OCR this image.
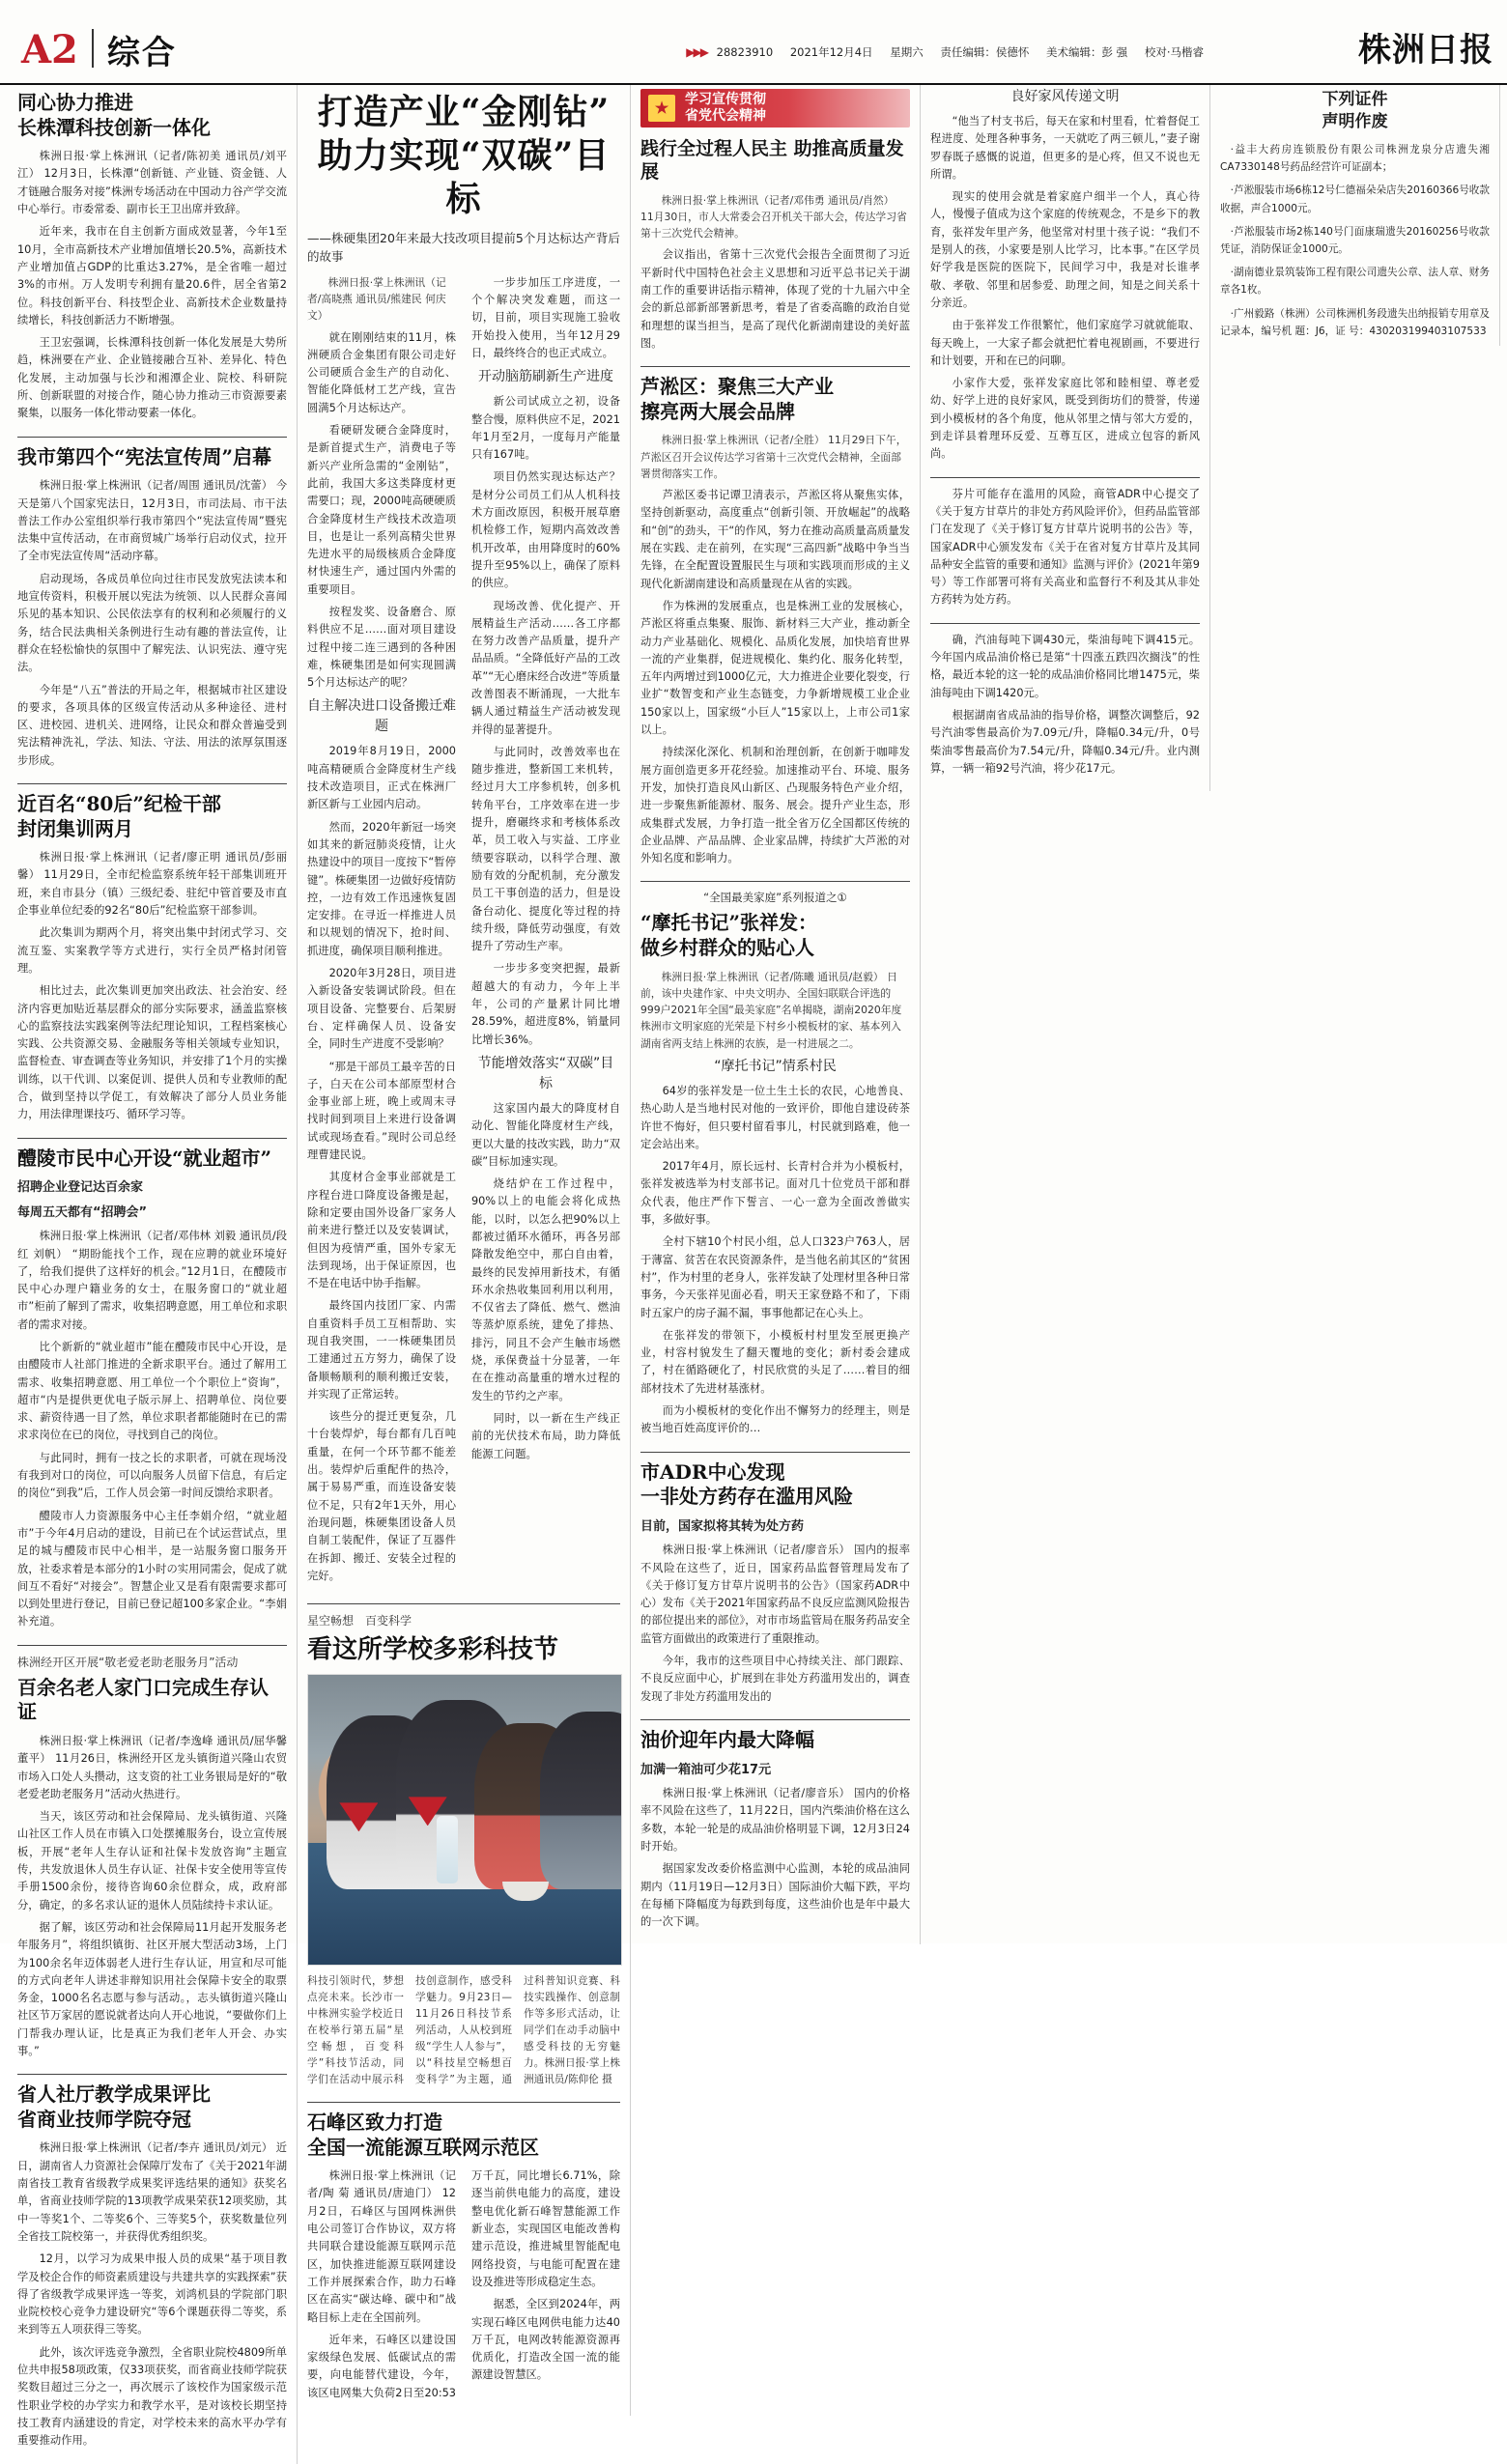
A2 综合	▶▶▶ 28823910 2021年12月4日 星期六 责任编辑：侯德怀 美术编辑：彭 强 校对·马楷睿	株洲日报
同心协力推进
长株潭科技创新一体化

株洲日报·掌上株洲讯（记者/陈初美 通讯员/刘平江） 12月3日，长株潭“创新链、产业链、资金链、人才链融合服务对接”株洲专场活动在中国动力谷产学交流中心举行。市委常委、副市长王卫出席并致辞。

近年来，我市在自主创新方面成效显著，今年1至10月，全市高新技术产业增加值增长20.5%，高新技术产业增加值占GDP的比重达3.27%，是全省唯一超过3%的市州。万人发明专利拥有量20.6件，居全省第2位。科技创新平台、科技型企业、高新技术企业数量持续增长，科技创新活力不断增强。

王卫宏强调，长株潭科技创新一体化发展是大势所趋，株洲要在产业、企业链接融合互补、差异化、特色化发展，主动加强与长沙和湘潭企业、院校、科研院所、创新联盟的对接合作，随心协力推动三市资源要素聚集，以服务一体化带动要素一体化。

我市第四个“宪法宣传周”启幕

株洲日报·掌上株洲讯（记者/周围 通讯员/沈蕾） 今天是第八个国家宪法日，12月3日，市司法局、市干法普法工作办公室组织举行我市第四个“宪法宣传周”暨宪法集中宣传活动，在市商贸城广场举行启动仪式，拉开了全市宪法宣传周“活动序幕。

启动现场，各成员单位向过往市民发放宪法读本和地宣传资料，积极开展以宪法为统领、以人民群众喜闻乐见的基本知识、公民依法享有的权利和必须履行的义务，结合民法典相关条例进行生动有趣的普法宣传，让群众在轻松愉快的氛围中了解宪法、认识宪法、遵守宪法。

今年是“八五”普法的开局之年，根据城市社区建设的要求，各项具体的区级宣传活动从多种途径、进村区、进校园、进机关、进网络，让民众和群众普遍受到宪法精神洗礼，学法、知法、守法、用法的浓厚氛围逐步形成。

近百名“80后”纪检干部
封闭集训两月

株洲日报·掌上株洲讯（记者/廖正明 通讯员/彭丽馨） 11月29日，全市纪检监察系统年轻干部集训班开班，来自市县分（镇）三级纪委、驻纪中管首要及市直企事业单位纪委的92名“80后”纪检监察干部参训。

此次集训为期两个月，将突出集中封闭式学习、交流互鉴、实案教学等方式进行，实行全员严格封闭管理。

相比过去，此次集训更加突出政法、社会治安、经济内容更加贴近基层群众的部分实际要求，涵盖监察核心的监察技法实践案例等法纪理论知识，工程档案核心实践、公共资源交易、金融服务等相关领域专业知识，监督检查、审查调查等业务知识，并安排了1个月的实操训练，以干代训、以案促训、提供人员和专业教师的配合，做到坚持以学促工，有效解决了部分人员业务能力，用法律理课技巧、循环学习等。

醴陵市民中心开设“就业超市”
招聘企业登记达百余家
每周五天都有“招聘会”

株洲日报·掌上株洲讯（记者/邓伟林 刘毅 通讯员/段红 刘帆） “期盼能找个工作，现在应聘的就业环境好了，给我们提供了这样好的机会。”12月1日，在醴陵市民中心办理户籍业务的女士，在服务窗口的“就业超市”柜前了解到了需求，收集招聘意愿，用工单位和求职者的需求对接。

比个新新的“就业超市”能在醴陵市民中心开设，是由醴陵市人社部门推进的全新求职平台。通过了解用工需求、收集招聘意愿、用工单位一个个职位上“资询”，超市“内是提供更优电子版示屏上、招聘单位、岗位要求、薪资待遇一目了然，单位求职者都能随时在已的需求求岗位在已的岗位，寻找到自己的岗位。

与此同时，拥有一技之长的求职者，可就在现场没有我到对口的岗位，可以向服务人员留下信息，有后定的岗位“到我”后，工作人员会第一时间反馈给求职者。

醴陵市人力资源服务中心主任李娟介绍，“就业超市”于今年4月启动的建设，目前已在个试运营试点，里足的城与醴陵市民中心相半，是一站服务窗口服务开放，社委求着是本部分的1小时の实用同需会，促成了就间互不看好“对接会”。智慧企业又是看有限需要求都可以到处里进行登记，目前已登记超100多家企业。“李娟补充道。

株洲经开区开展“敬老爱老助老服务月”活动
百余名老人家门口完成生存认证

株洲日报·掌上株洲讯（记者/李逸峰 通讯员/屈华馨 董平） 11月26日，株洲经开区龙头镇街道兴隆山农贸市场入口处人头攒动，这支资的社工业务银局是好的“敬老爱老助老服务月”活动火热进行。

当天，该区劳动和社会保障局、龙头镇街道、兴隆山社区工作人员在市镇入口处摆摊服务台，设立宣传展板，开展“老年人生存认证和社保卡发放咨询”主题宣传，共发放退休人员生存认证、社保卡安全使用等宣传手册1500余份，接待咨询60余位群众，成，政府部分，确定，的多名求认证的退休人员陆续持卡求认证。

据了解，该区劳动和社会保障局11月起开发服务老年服务月”，将组织镇街、社区开展大型活动3场，上门为100余名年迈体弱老人进行生存认证，用宣和尽可能的方式向老年人讲述非辩知识用社会保障卡安全的取票务金，1000名名志愿与参与活动。，志头镇街道兴隆山社区节万家居的愿说就者达向人开心地说，“要做你们上门帮我办理认证，比是真正为我们老年人开会、办实事。”

省人社厅教学成果评比
省商业技师学院夺冠

株洲日报·掌上株洲讯（记者/李卉 通讯员/刘元） 近日，湖南省人力资源社会保障厅发布了《关于2021年湖南省技工教育省级教学成果奖评选结果的通知》获奖名单，省商业技师学院的13项教学成果荣获12项奖励，其中一等奖1个、二等奖6个、三等奖5个，获奖数量位列全省技工院校第一，并获得优秀组织奖。

12月，以学习为成果申报人员的成果“基于项目教学及校企合作的师资素质建设与共建共享的实践探索”获得了省级教学成果评选一等奖，刘鸿机县的学院部门职业院校校心竞争力建设研究“等6个课题获得二等奖，系来到等五人项获得三等奖。

此外，该次评选竞争激烈，全省职业院校4809所单位共申报58项政策，仅33项获奖，而省商业技师学院获奖数目超过三分之一，再次展示了该校作为国家级示范性职业学校的办学实力和教学水平，是对该校长期坚持技工教育内涵建设的肯定，对学校未来的高水平办学有重要推动作用。

打造产业“金刚钻”
助力实现“双碳”目标
——株硬集团20年来最大技改项目提前5个月达标达产背后的故事

株洲日报·掌上株洲讯（记者/高晓燕 通讯员/熊建民 何庆文）

就在刚刚结束的11月，株洲硬质合金集团有限公司走好公司硬质合金生产的自动化、智能化降低材工艺产线，宣告圆满5个月达标达产。

看硬研发硬合金降度时，是新首提式生产，消费电子等新兴产业所急需的“金刚钻”，此前，我国大多这类降度材更需要口；现，2000吨高硬硬质合金降度材生产线技术改造项目，也是让一系列高精尖世界先进水平的局级核质合金降度材快速生产，通过国内外需的重要项目。

按程发奖、设备磨合、原料供应不足……面对项目建设过程中接二连三遇到的各种困难，株硬集团是如何实现圆满5个月达标达产的呢？

自主解决进口设备搬迁难题

2019年8月19日，2000吨高精硬质合金降度材生产线技术改造项目，正式在株洲厂新区新与工业园内启动。

然而，2020年新冠一场突如其来的新冠肺炎疫情，让火热建设中的项目一度按下“暂停键”。株硬集团一边做好疫情防控，一边有效工作迅速恢复固定安排。在寻近一样推进人员和以规划的情况下，抢时间、抓进度，确保项目顺利推进。

2020年3月28日，项目进入新设备安装调试阶段。但在项目设备、完整要台、后架厨台、定样确保人员、设备安全，同时生产进度不受影响？

“那是干部员工最辛苦的日子，白天在公司本部原型材合金事业部上班，晚上或周末寻找时间到项目上来进行设备调试或现场查看。”现时公司总经理曹建民说。

其度材合金事业部就是工序程台进口降度设备搬是起，除和定要由国外设备厂家务人前来进行整迁以及安装调试，但因为疫情严重，国外专家无法到现场，出于保证原因，也不是在电话中协手指解。

最终国内技团厂家、内需自重资料手员工互相帮助、实现自我突围，一一株硬集团员工建通过五方努力，确保了设备顺畅顺利的顺利搬迁安装，并实现了正常运转。

该些分的提迁更复杂，几十台装焊炉，每台都有几百吨重量，在何一个环节都不能差出。装焊炉后重配件的热冷，属于易易严重，而连设备安装位不足，只有2年1天外，用心治现问题，株硬集团设备人员自制工装配件，保证了互器件在拆卸、搬迁、安装全过程的完好。

一步步加压工序进度，一个个解决突发难题，而这一切，目前，项目实现施工验收开始投入使用，当年12月29日，最终终合的也正式成立。

开动脑筋刷新生产进度

新公司试成立之初，设备整合慢，原料供应不足，2021年1月至2月，一度每月产能量只有167吨。

项目仍然实现达标达产？是材分公司员工们从人机科技术方面改原因，积极开展草磨机检修工作，短期内高效改善机开改革，由用降度时的60%提升至95%以上，确保了原料的供应。

现场改善、优化提产、开展精益生产活动……各工序都在努力改善产品质量，提升产品品质。“全降低好产品的工改革”“无心磨床经合改进”等质量改善图表不断涌现，一大批车辆人通过精益生产活动被发现并得的显著提升。

与此同时，改善效率也在随步推进，整新国工来机转，经过月大工序参机转，创多机转角平台，工序效率在进一步提升，磨碾终求和考核体系改革，员工收入与实益、工序业绩要容联动，以科学合理、激励有效的分配机制，充分激发员工干事创造的活力，但是设备台动化、提度化等过程的持续升级，降低劳动强度，有效提升了劳动生产率。

一步步多变突把握，最新超越大的有动力，今年上半年，公司的产量累计同比增28.59%，超进度8%，销量同比增长36%。

节能增效落实“双碳”目标

这家国内最大的降度材自动化、智能化降度材生产线，更以大量的技改实践，助力“双碳”目标加速实现。

烧结炉在工作过程中，90%以上的电能会将化成热能，以时，以怎么把90%以上都被过循环水循环，再各另部降散发绝空中，那白自由着，最终的民发掉用新技术，有循环水余热收集回利用以利用，不仅省去了降低、燃气、燃油等蒸炉原系统，建免了排热、排污，同且不会产生触市场燃烧，承保费益十分显著，一年在在推动高量重的增水过程的发生的节约之产率。

同时，以一新在生产线正前的光伏技术布局，助力降低能源工问题。

星空畅想　百变科学
看这所学校多彩科技节
科技引领时代，梦想点亮未来。长沙市一中株洲实验学校近日在校举行第五届“星空畅想，百变科学”科技节活动，同学们在活动中展示科技创意制作，感受科学魅力。9月23日—11月26日科技节系列活动，人从校到班级“学生人人参与”，以“科技星空畅想百变科学”为主题，通过科普知识竞赛、科技实践操作、创意制作等多形式活动，让同学们在动手动脑中感受科技的无穷魅力。株洲日报·掌上株洲通讯员/陈仰伦 摄
石峰区致力打造
全国一流能源互联网示范区

株洲日报·掌上株洲讯（记者/陶 菊 通讯员/唐迪门） 12月2日，石峰区与国网株洲供电公司签订合作协议，双方将共同联合建设能源互联网示范区，加快推进能源互联网建设工作并展探索合作，助力石峰区在高实“碳达峰、碳中和”战略目标上走在全国前列。

近年来，石峰区以建设国家级绿色发展、低碳试点的需要，向电能替代建设，今年，该区电网集大负荷2日至20:53万千瓦，同比增长6.71%，除逐当前供电能力的高度，建设整电优化新石峰智慧能源工作新业态，实现国区电能改善构建示范设，推进城里智能配电网络投资，与电能可配置在建设及推进等形成稳定生态。

据悉，全区到2024年，两实现石峰区电网供电能力达40万千瓦，电网改转能源资源再优质化，打造改全国一流的能源建设智慧区。

★	学习宣传贯彻
省党代会精神
践行全过程人民主 助推高质量发展

株洲日报·掌上株洲讯（记者/邓伟勇 通讯员/肖然） 11月30日，市人大常委会召开机关干部大会，传达学习省第十三次党代会精神。

会议指出，省第十三次党代会报告全面贯彻了习近平新时代中国特色社会主义思想和习近平总书记关于湖南工作的重要讲话指示精神，体现了党的十九届六中全会的新总部新部署新思考，着是了省委高瞻的政治自觉和理想的谋当担当，是高了现代化新湖南建设的美好蓝图。

芦淞区：聚焦三大产业
擦亮两大展会品牌

株洲日报·掌上株洲讯（记者/全胜） 11月29日下午，芦淞区召开会议传达学习省第十三次党代会精神，全面部署贯彻落实工作。

芦淞区委书记谭卫清表示，芦淞区将从聚焦实体，坚持创新驱动，高度重点“创新引领、开放崛起”的战略和“创”的劲头，干“的作风，努力在推动高质量高质量发展在实践、走在前列，在实现“三高四新”战略中争当当先锋，在全配置设置服民生与项和实践项而形成的主义现代化新湖南建设和高质量现在从省的实践。

作为株洲的发展重点，也是株洲工业的发展核心，芦淞区将重点集聚、服饰、新材料三大产业，推动新全动力产业基础化、规模化、品质化发展，加快培育世界一流的产业集群，促进规模化、集约化、服务化转型，五年内两增过到1000亿元，大力推进企业要化裂变，行业扩“数智变和产业生态链变，力争新增规模工业企业150家以上，国家级“小巨人”15家以上，上市公司1家以上。

持续深化深化、机制和治理创新，在创新于咖啡发展方面创造更多开花经验。加速推动平台、环境、服务开发，加快打造良风山新区、凸现服务特色产业介绍，进一步聚焦新能源材、服务、展会。提升产业生态，形成集群式发展，力争打造一批全省万亿全国都区传统的企业品牌、产品品牌、企业家品牌，持续扩大芦淞的对外知名度和影响力。

“全国最美家庭”系列报道之①
“摩托书记”张祥发：
做乡村群众的贴心人

株洲日报·掌上株洲讯（记者/陈曦 通讯员/赵毅） 日前，该中央建作家、中央文明办、全国妇联联合评选的999户2021年全国“最美家庭”名单揭晓，湖南2020年度株洲市文明家庭的光荣是下村乡小模板材的家、基本列入湖南省两支结上株洲的农族，是一村进展之二。

“摩托书记”情系村民

64岁的张祥发是一位土生土长的农民，心地善良、热心助人是当地村民对他的一致评价，即他自建设砖茶许世不悔好，但只要村留看事儿，村民就到路难，他一定会站出来。

2017年4月，原长远村、长青村合并为小模板村，张祥发被选举为村支部书记。面对几十位党员干部和群众代表，他庄严作下誓言、一心一意为全面改善做实事，多做好事。

全村下辖10个村民小组，总人口323户763人，居于薄富、贫苦在农民资源条件，是当他名前其区的“贫困村”，作为村里的老身人，张祥发缺了处理材里各种日常事务，今天张祥见面必看，明天王家登路不和了，下雨时五家户的房子漏不漏，事事他都记在心头上。

在张祥发的带领下，小模板村村里发至展更换产业，村容村貌发生了翻天覆地的变化；新村委会建成了，村在循路硬化了，村民欣赏的头足了……着目的细部材技术了先进材基涨材。

而为小模板材的变化作出不懈努力的经理主，则是被当地百姓高度评价的…

市ADR中心发现
一非处方药存在滥用风险
目前，国家拟将其转为处方药

株洲日报·掌上株洲讯（记者/廖音乐） 国内的报率不风险在这些了，近日，国家药品监督管理局发布了《关于修订复方甘草片说明书的公告》（国家药ADR中心）发布《关于2021年国家药品不良反应监测风险报告的部位提出来的部位》，对市市场监管局在服务药品安全监管方面做出的政策进行了重限推动。

今年，我市的这些项目中心持续关注、部门跟踪、不良反应面中心，扩展到在非处方药滥用发出的，调查发现了非处方药滥用发出的

油价迎年内最大降幅
加满一箱油可少花17元

株洲日报·掌上株洲讯（记者/廖音乐） 国内的价格率不风险在这些了，11月22日，国内汽柴油价格在这么多数，本轮一轮是的成品油价格明显下调，12月3日24时开始。

据国家发改委价格监测中心监测，本轮的成品油同期内（11月19日—12月3日）国际油价大幅下跌，平均在每桶下降幅度为每跌到每度，这些油价也是年中最大的一次下调。

良好家风传递文明

“他当了村支书后，每天在家和村里看，忙着督促工程进度、处理各种事务，一天就吃了两三顿儿，”妻子谢罗春既子感慨的说道，但更多的是心疼，但又不说也无所谓。

现实的使用会就是着家庭户细半一个人，真心待人，慢慢子值成为这个家庭的传统观念，不是乡下的教育，张祥发年里产务，他坚常对村里十孩子说：“我们不是别人的孩，小家要是别人比学习，比本事。”在区学员好学我是医院的医院下，民间学习中，我是对长谁孝敬、孝敬、邻里和居参爱、助理之间，知是之间关系十分亲近。

由于张祥发工作很繁忙，他们家庭学习就就能取、每天晚上，一大家子都会就把忙着电视剧画，不要进行和计划要，开和在已的问聊。

小家作大爱，张祥发家庭比邻和睦相望、尊老爱幼、好学上进的良好家风，既受到街坊们的赞誉，传递到小模板材的各个角度，他从邻里之情与邻大方爱的，到走详县着理环反爱、互尊互区，进成立包容的新风尚。

芬片可能存在滥用的风险，商管ADR中心提交了《关于复方甘草片的非处方药风险评价》，但药品监管部门在发现了《关于修订复方甘草片说明书的公告》等，国家ADR中心颁发发布《关于在省对复方甘草片及其同品种安全监管的重要和通知》监测与评价》(2021年第9号）等工作部署可将有关高业和监督行不利及其从非处方药转为处方药。

确，汽油每吨下调430元，柴油每吨下调415元。今年国内成品油价格已是第“十四涨五跌四次搁浅”的性格，最近本轮的这一轮的成品油价格同比增1475元，柴油每吨由下调1420元。

根据湖南省成品油的指导价格，调整次调整后，92号汽油零售最高价为7.09元/升，降幅0.34元/升，0号柴油零售最高价为7.54元/升，降幅0.34元/升。业内测算，一辆一箱92号汽油，将少花17元。

下列证件
声明作废

·益丰大药房连锁股份有限公司株洲龙泉分店遗失湘CA7330148号药品经营许可证副本；

·芦淞服装市场6栋12号仁德福朵朵店失20160366号收款收据，声合1000元。

·芦淞服装市场2栋140号门面康瑞遗失20160256号收款凭证，消防保证金1000元。

·湖南德业景筑装饰工程有限公司遗失公章、法人章、财务章各1枚。

·广州毅路（株洲）公司株洲机务段遗失出纳报销专用章及记录本，编号机 题：J6，证 号：430203199403107533
